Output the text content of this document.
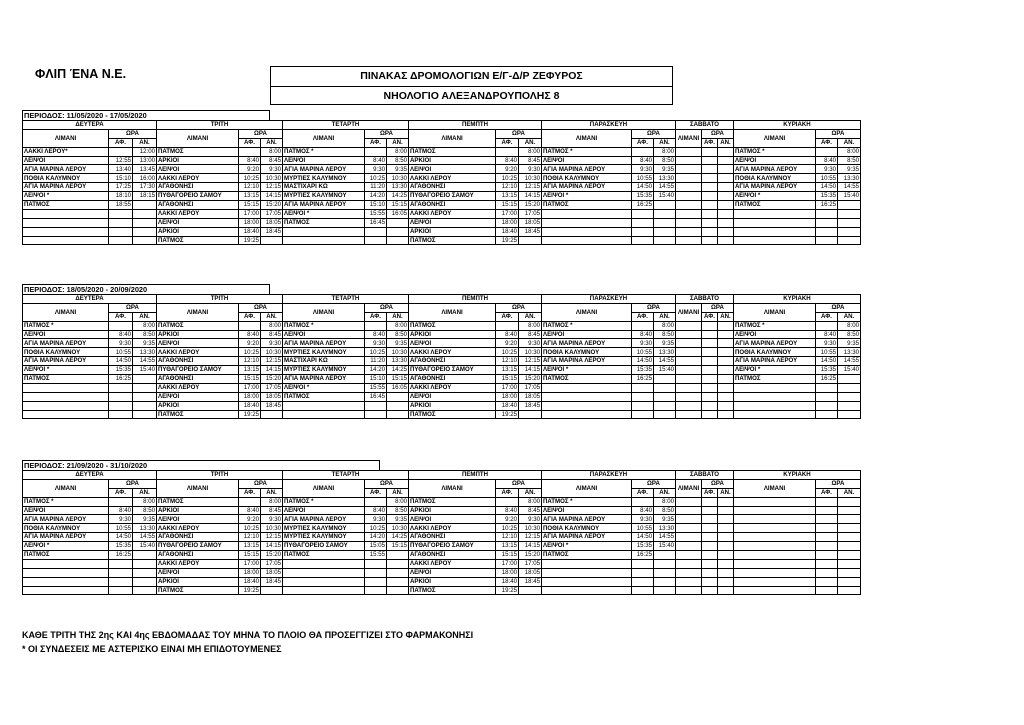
ΦΛΙΠ ΈΝΑ Ν.Ε.	ΠΙΝΑΚΑΣ ΔΡΟΜΟΛΟΓΙΩΝ Ε/Γ-Δ/Ρ ΖΕΦΥΡΟΣ
ΝΗΟΛΟΓΙΟ ΑΛΕΞΑΝΔΡΟΥΠΟΛΗΣ 8
ΠΕΡΙΟΔΟΣ: 11/05/2020 - 17/05/2020
ΔΕΥΤΕΡΑ			ΤΡΙΤΗ			ΤΕΤΑΡΤΗ			ΠΕΜΠΤΗ			ΠΑΡΑΣΚΕΥΗ			ΣΑΒΒΑΤΟ			ΚΥΡΙΑΚΗ		
ΛΙΜΑΝΙ	ΩΡΑ		ΛΙΜΑΝΙ	ΩΡΑ		ΛΙΜΑΝΙ	ΩΡΑ		ΛΙΜΑΝΙ	ΩΡΑ		ΛΙΜΑΝΙ	ΩΡΑ		ΛΙΜΑΝΙ	ΩΡΑ		ΛΙΜΑΝΙ	ΩΡΑ	
	ΑΦ.	ΑΝ.		ΑΦ.	ΑΝ.		ΑΦ.	ΑΝ.		ΑΦ.	ΑΝ.		ΑΦ.	ΑΝ.		ΑΦ.	ΑΝ.		ΑΦ.	ΑΝ.
ΛΑΚΚΙ ΛΕΡΟΥ*		12:00	ΠΑΤΜΟΣ		8:00	ΠΑΤΜΟΣ *		8:00	ΠΑΤΜΟΣ		8:00	ΠΑΤΜΟΣ *		8:00				ΠΑΤΜΟΣ *		8:00
ΛΕΙΨΟΙ	12:55	13:00	ΑΡΚΙΟΙ	8:40	8:45	ΛΕΙΨΟΙ	8:40	8:50	ΑΡΚΙΟΙ	8:40	8:45	ΛΕΙΨΟΙ	8:40	8:50				ΛΕΙΨΟΙ	8:40	8:50
ΑΓΙΑ ΜΑΡΙΝΑ ΛΕΡΟΥ	13:40	13:45	ΛΕΙΨΟΙ	9:20	9:30	ΑΓΙΑ ΜΑΡΙΝΑ ΛΕΡΟΥ	9:30	9:35	ΛΕΙΨΟΙ	9:20	9:30	ΑΓΙΑ ΜΑΡΙΝΑ ΛΕΡΟΥ	9:30	9:35				ΑΓΙΑ ΜΑΡΙΝΑ ΛΕΡΟΥ	9:30	9:35
ΠΟΘΙΑ ΚΑΛΥΜΝΟΥ	15:10	16:00	ΛΑΚΚΙ ΛΕΡΟΥ	10:25	10:30	ΜΥΡΤΙΕΣ ΚΑΛΥΜΝΟΥ	10:25	10:30	ΛΑΚΚΙ ΛΕΡΟΥ	10:25	10:30	ΠΟΘΙΑ ΚΑΛΥΜΝΟΥ	10:55	13:30				ΠΟΘΙΑ ΚΑΛΥΜΝΟΥ	10:55	13:30
ΑΓΙΑ ΜΑΡΙΝΑ ΛΕΡΟΥ	17:25	17:30	ΑΓΑΘΟΝΗΣΙ	12:10	12:15	ΜΑΣΤΙΧΑΡΙ ΚΩ	11:20	13:30	ΑΓΑΘΟΝΗΣΙ	12:10	12:15	ΑΓΙΑ ΜΑΡΙΝΑ ΛΕΡΟΥ	14:50	14:55				ΑΓΙΑ ΜΑΡΙΝΑ ΛΕΡΟΥ	14:50	14:55
ΛΕΙΨΟΙ *	18:10	18:15	ΠΥΘΑΓΟΡΕΙΟ ΣΑΜΟΥ	13:15	14:15	ΜΥΡΤΙΕΣ ΚΑΛΥΜΝΟΥ	14:20	14:25	ΠΥΘΑΓΟΡΕΙΟ ΣΑΜΟΥ	13:15	14:15	ΛΕΙΨΟΙ *	15:35	15:40				ΛΕΙΨΟΙ *	15:35	15:40
ΠΑΤΜΟΣ	18:55		ΑΓΑΘΟΝΗΣΙ	15:15	15:20	ΑΓΙΑ ΜΑΡΙΝΑ ΛΕΡΟΥ	15:10	15:15	ΑΓΑΘΟΝΗΣΙ	15:15	15:20	ΠΑΤΜΟΣ	16:25					ΠΑΤΜΟΣ	16:25	
			ΛΑΚΚΙ ΛΕΡΟΥ	17:00	17:05	ΛΕΙΨΟΙ *	15:55	16:05	ΛΑΚΚΙ ΛΕΡΟΥ	17:00	17:05									
			ΛΕΙΨΟΙ	18:00	18:05	ΠΑΤΜΟΣ	16:45		ΛΕΙΨΟΙ	18:00	18:05									
			ΑΡΚΙΟΙ	18:40	18:45				ΑΡΚΙΟΙ	18:40	18:45									
			ΠΑΤΜΟΣ	19:25					ΠΑΤΜΟΣ	19:25										
ΠΕΡΙΟΔΟΣ: 18/05/2020 - 20/09/2020
ΔΕΥΤΕΡΑ			ΤΡΙΤΗ			ΤΕΤΑΡΤΗ			ΠΕΜΠΤΗ			ΠΑΡΑΣΚΕΥΗ			ΣΑΒΒΑΤΟ			ΚΥΡΙΑΚΗ		
ΛΙΜΑΝΙ	ΩΡΑ		ΛΙΜΑΝΙ	ΩΡΑ		ΛΙΜΑΝΙ	ΩΡΑ		ΛΙΜΑΝΙ	ΩΡΑ		ΛΙΜΑΝΙ	ΩΡΑ		ΛΙΜΑΝΙ	ΩΡΑ		ΛΙΜΑΝΙ	ΩΡΑ	
	ΑΦ.	ΑΝ.		ΑΦ.	ΑΝ.		ΑΦ.	ΑΝ.		ΑΦ.	ΑΝ.		ΑΦ.	ΑΝ.		ΑΦ.	ΑΝ.		ΑΦ.	ΑΝ.
ΠΑΤΜΟΣ *		8:00	ΠΑΤΜΟΣ		8:00	ΠΑΤΜΟΣ *		8:00	ΠΑΤΜΟΣ		8:00	ΠΑΤΜΟΣ *		8:00				ΠΑΤΜΟΣ *		8:00
ΛΕΙΨΟΙ	8:40	8:50	ΑΡΚΙΟΙ	8:40	8:45	ΛΕΙΨΟΙ	8:40	8:50	ΑΡΚΙΟΙ	8:40	8:45	ΛΕΙΨΟΙ	8:40	8:50				ΛΕΙΨΟΙ	8:40	8:50
ΑΓΙΑ ΜΑΡΙΝΑ ΛΕΡΟΥ	9:30	9:35	ΛΕΙΨΟΙ	9:20	9:30	ΑΓΙΑ ΜΑΡΙΝΑ ΛΕΡΟΥ	9:30	9:35	ΛΕΙΨΟΙ	9:20	9:30	ΑΓΙΑ ΜΑΡΙΝΑ ΛΕΡΟΥ	9:30	9:35				ΑΓΙΑ ΜΑΡΙΝΑ ΛΕΡΟΥ	9:30	9:35
ΠΟΘΙΑ ΚΑΛΥΜΝΟΥ	10:55	13:30	ΛΑΚΚΙ ΛΕΡΟΥ	10:25	10:30	ΜΥΡΤΙΕΣ ΚΑΛΥΜΝΟΥ	10:25	10:30	ΛΑΚΚΙ ΛΕΡΟΥ	10:25	10:30	ΠΟΘΙΑ ΚΑΛΥΜΝΟΥ	10:55	13:30				ΠΟΘΙΑ ΚΑΛΥΜΝΟΥ	10:55	13:30
ΑΓΙΑ ΜΑΡΙΝΑ ΛΕΡΟΥ	14:50	14:55	ΑΓΑΘΟΝΗΣΙ	12:10	12:15	ΜΑΣΤΙΧΑΡΙ ΚΩ	11:20	13:30	ΑΓΑΘΟΝΗΣΙ	12:10	12:15	ΑΓΙΑ ΜΑΡΙΝΑ ΛΕΡΟΥ	14:50	14:55				ΑΓΙΑ ΜΑΡΙΝΑ ΛΕΡΟΥ	14:50	14:55
ΛΕΙΨΟΙ *	15:35	15:40	ΠΥΘΑΓΟΡΕΙΟ ΣΑΜΟΥ	13:15	14:15	ΜΥΡΤΙΕΣ ΚΑΛΥΜΝΟΥ	14:20	14:25	ΠΥΘΑΓΟΡΕΙΟ ΣΑΜΟΥ	13:15	14:15	ΛΕΙΨΟΙ *	15:35	15:40				ΛΕΙΨΟΙ *	15:35	15:40
ΠΑΤΜΟΣ	16:25		ΑΓΑΘΟΝΗΣΙ	15:15	15:20	ΑΓΙΑ ΜΑΡΙΝΑ ΛΕΡΟΥ	15:10	15:15	ΑΓΑΘΟΝΗΣΙ	15:15	15:20	ΠΑΤΜΟΣ	16:25					ΠΑΤΜΟΣ	16:25	
			ΛΑΚΚΙ ΛΕΡΟΥ	17:00	17:05	ΛΕΙΨΟΙ *	15:55	16:05	ΛΑΚΚΙ ΛΕΡΟΥ	17:00	17:05									
			ΛΕΙΨΟΙ	18:00	18:05	ΠΑΤΜΟΣ	16:45		ΛΕΙΨΟΙ	18:00	18:05									
			ΑΡΚΙΟΙ	18:40	18:45				ΑΡΚΙΟΙ	18:40	18:45									
			ΠΑΤΜΟΣ	19:25					ΠΑΤΜΟΣ	19:25										
ΠΕΡΙΟΔΟΣ: 21/09/2020 - 31/10/2020
ΔΕΥΤΕΡΑ			ΤΡΙΤΗ			ΤΕΤΑΡΤΗ			ΠΕΜΠΤΗ			ΠΑΡΑΣΚΕΥΗ			ΣΑΒΒΑΤΟ			ΚΥΡΙΑΚΗ		
ΛΙΜΑΝΙ	ΩΡΑ		ΛΙΜΑΝΙ	ΩΡΑ		ΛΙΜΑΝΙ	ΩΡΑ		ΛΙΜΑΝΙ	ΩΡΑ		ΛΙΜΑΝΙ	ΩΡΑ		ΛΙΜΑΝΙ	ΩΡΑ		ΛΙΜΑΝΙ	ΩΡΑ	
	ΑΦ.	ΑΝ.		ΑΦ.	ΑΝ.		ΑΦ.	ΑΝ.		ΑΦ.	ΑΝ.		ΑΦ.	ΑΝ.		ΑΦ.	ΑΝ.		ΑΦ.	ΑΝ.
ΠΑΤΜΟΣ *		8:00	ΠΑΤΜΟΣ		8:00	ΠΑΤΜΟΣ *		8:00	ΠΑΤΜΟΣ		8:00	ΠΑΤΜΟΣ *		8:00						
ΛΕΙΨΟΙ	8:40	8:50	ΑΡΚΙΟΙ	8:40	8:45	ΛΕΙΨΟΙ	8:40	8:50	ΑΡΚΙΟΙ	8:40	8:45	ΛΕΙΨΟΙ	8:40	8:50						
ΑΓΙΑ ΜΑΡΙΝΑ ΛΕΡΟΥ	9:30	9:35	ΛΕΙΨΟΙ	9:20	9:30	ΑΓΙΑ ΜΑΡΙΝΑ ΛΕΡΟΥ	9:30	9:35	ΛΕΙΨΟΙ	9:20	9:30	ΑΓΙΑ ΜΑΡΙΝΑ ΛΕΡΟΥ	9:30	9:35						
ΠΟΘΙΑ ΚΑΛΥΜΝΟΥ	10:55	13:30	ΛΑΚΚΙ ΛΕΡΟΥ	10:25	10:30	ΜΥΡΤΙΕΣ ΚΑΛΥΜΝΟΥ	10:25	10:30	ΛΑΚΚΙ ΛΕΡΟΥ	10:25	10:30	ΠΟΘΙΑ ΚΑΛΥΜΝΟΥ	10:55	13:30						
ΑΓΙΑ ΜΑΡΙΝΑ ΛΕΡΟΥ	14:50	14:55	ΑΓΑΘΟΝΗΣΙ	12:10	12:15	ΜΥΡΤΙΕΣ ΚΑΛΥΜΝΟΥ	14:20	14:25	ΑΓΑΘΟΝΗΣΙ	12:10	12:15	ΑΓΙΑ ΜΑΡΙΝΑ ΛΕΡΟΥ	14:50	14:55						
ΛΕΙΨΟΙ *	15:35	15:40	ΠΥΘΑΓΟΡΕΙΟ ΣΑΜΟΥ	13:15	14:15	ΠΥΘΑΓΟΡΕΙΟ ΣΑΜΟΥ	15:05	15:15	ΠΥΘΑΓΟΡΕΙΟ ΣΑΜΟΥ	13:15	14:15	ΛΕΙΨΟΙ *	15:35	15:40						
ΠΑΤΜΟΣ	16:25		ΑΓΑΘΟΝΗΣΙ	15:15	15:20	ΠΑΤΜΟΣ	15:55		ΑΓΑΘΟΝΗΣΙ	15:15	15:20	ΠΑΤΜΟΣ	16:25							
			ΛΑΚΚΙ ΛΕΡΟΥ	17:00	17:05				ΛΑΚΚΙ ΛΕΡΟΥ	17:00	17:05									
			ΛΕΙΨΟΙ	18:00	18:05				ΛΕΙΨΟΙ	18:00	18:05									
			ΑΡΚΙΟΙ	18:40	18:45				ΑΡΚΙΟΙ	18:40	18:45									
			ΠΑΤΜΟΣ	19:25					ΠΑΤΜΟΣ	19:25										

ΚΑΘΕ ΤΡΙΤΗ ΤΗΣ 2ης ΚΑΙ 4ης ΕΒΔΟΜΑΔΑΣ ΤΟΥ ΜΗΝΑ ΤΟ ΠΛΟΙΟ ΘΑ ΠΡΟΣΕΓΓΙΖΕΙ ΣΤΟ ΦΑΡΜΑΚΟΝΗΣΙ

* ΟΙ ΣΥΝΔΕΣΕΙΣ ΜΕ ΑΣΤΕΡΙΣΚΟ ΕΙΝΑΙ ΜΗ ΕΠΙΔΟΤΟΥΜΕΝΕΣ
